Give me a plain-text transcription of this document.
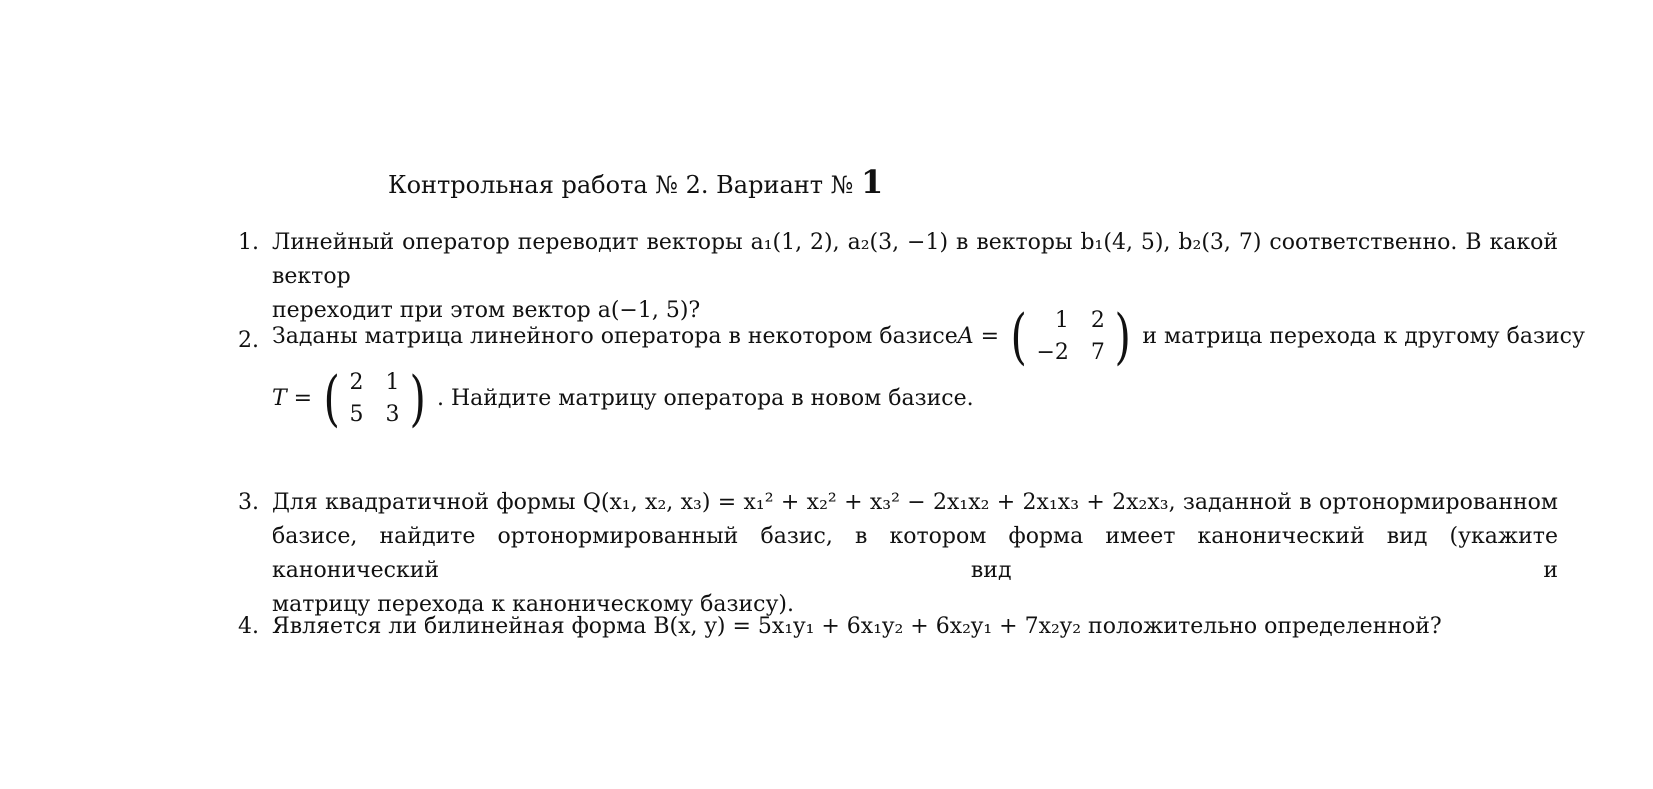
Контрольная работа № 2. Вариант № 1
1. Линейный оператор переводит векторы a₁(1, 2), a₂(3, −1) в векторы b₁(4, 5), b₂(3, 7) соответственно. В какой вектор
переходит при этом вектор a(−1, 5)?
2. Заданы матрица линейного оператора в некотором базисе A = (	1 2
−2 7 ) и матрица перехода к другому базису
T = ( 2 1
5 3 ) . Найдите матрицу оператора в новом базисе.
3. Для квадратичной формы Q(x₁, x₂, x₃) = x₁² + x₂² + x₃² − 2x₁x₂ + 2x₁x₃ + 2x₂x₃, заданной в ортонормированном
базисе, найдите ортонормированный базис, в котором форма имеет канонический вид (укажите канонический вид и
матрицу перехода к каноническому базису).
4. Является ли билинейная форма B(x, y) = 5x₁y₁ + 6x₁y₂ + 6x₂y₁ + 7x₂y₂ положительно определенной?
